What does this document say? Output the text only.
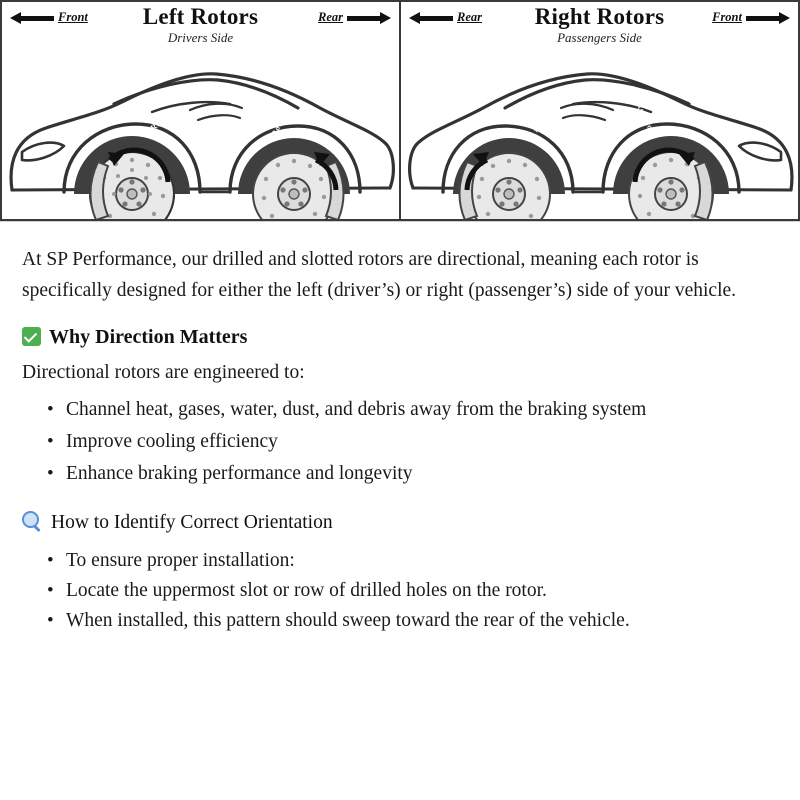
Left Rotors
Drivers Side
Front	Rear
Rotation	Rotation
Right Rotors
Passengers Side
Rear	Front
Rotation	Rotation

At SP Performance, our drilled and slotted rotors are directional, meaning each rotor is specifically designed for either the left (driver’s) or right (passenger’s) side of your vehicle.

Why Direction Matters

Directional rotors are engineered to:

• Channel heat, gases, water, dust, and debris away from the braking system
• Improve cooling efficiency
• Enhance braking performance and longevity
How to Identify Correct Orientation
• To ensure proper installation:
• Locate the uppermost slot or row of drilled holes on the rotor.
• When installed, this pattern should sweep toward the rear of the vehicle.
